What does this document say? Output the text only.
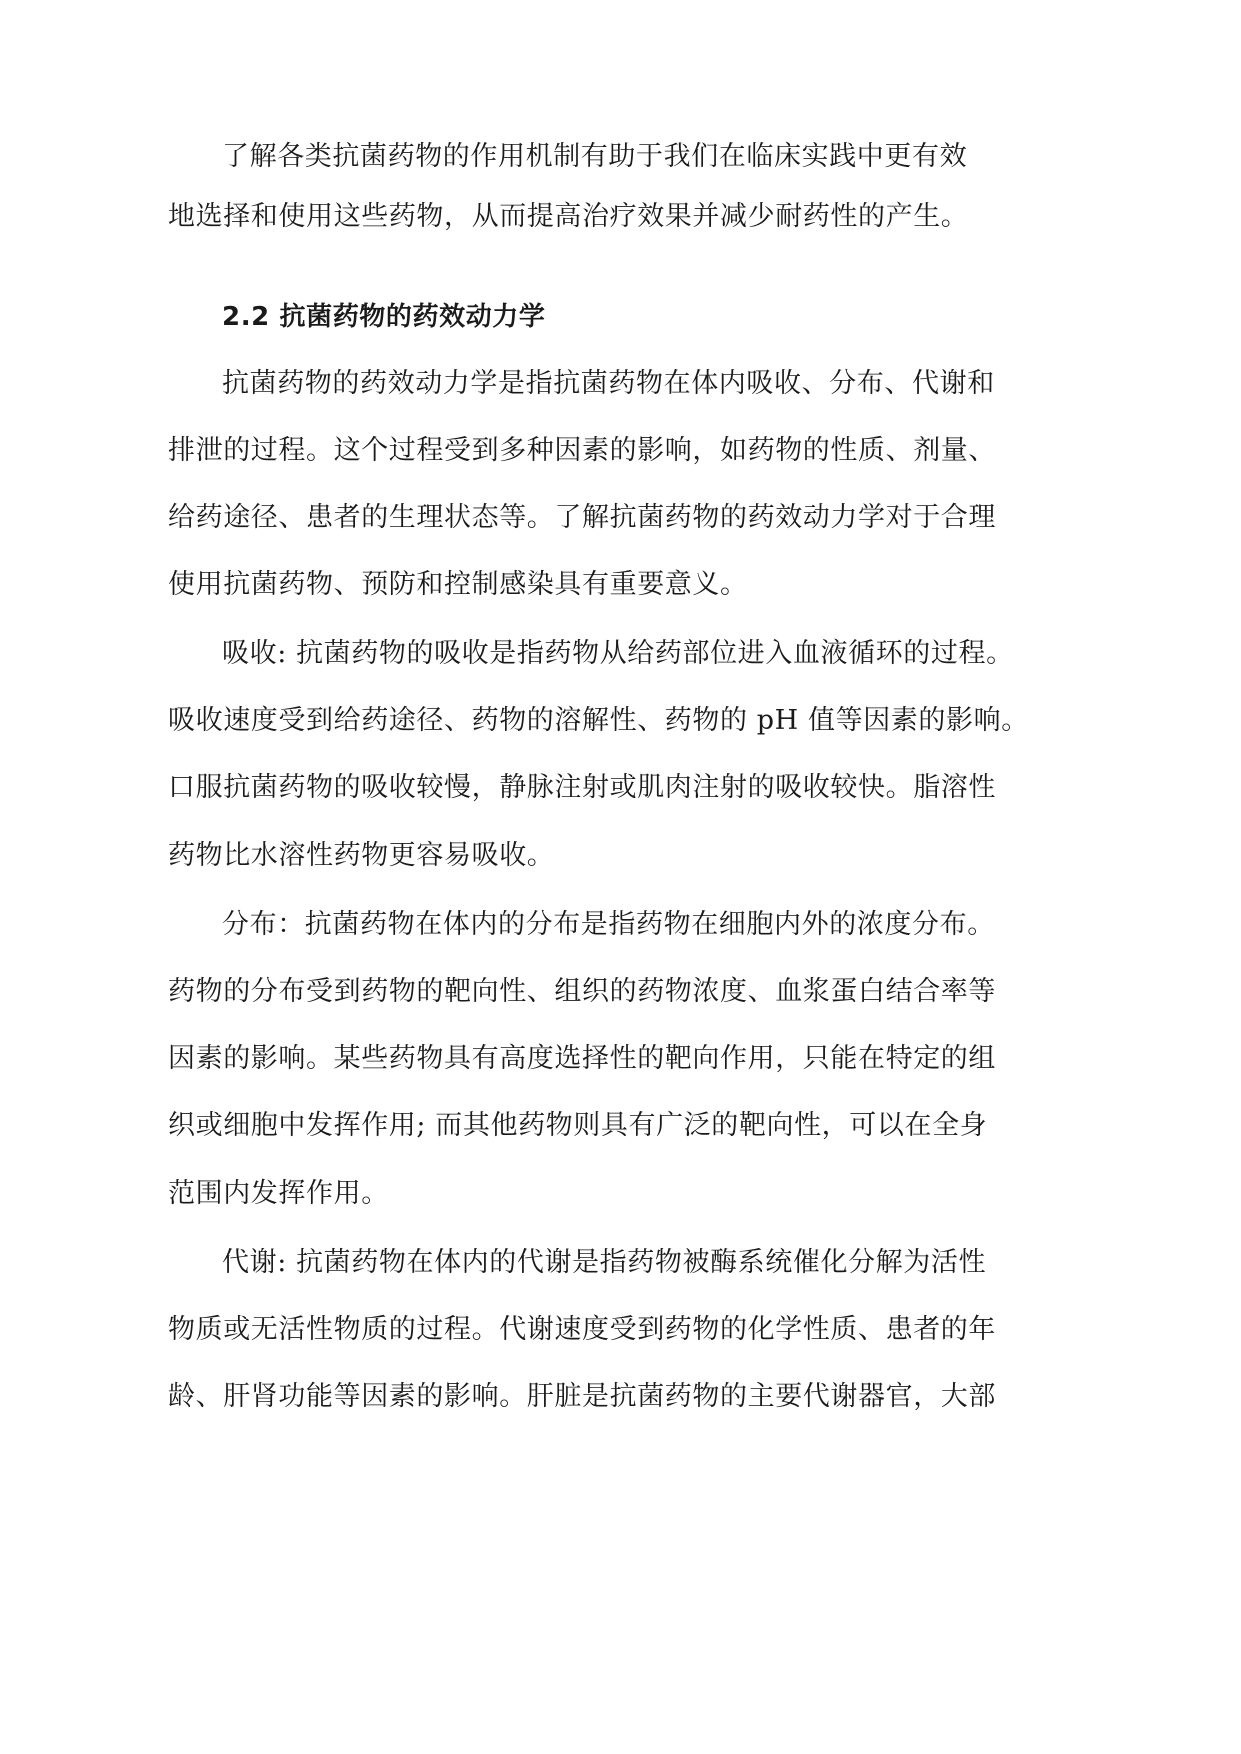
了解各类抗菌药物的作用机制有助于我们在临床实践中更有效
地选择和使用这些药物，从而提高治疗效果并减少耐药性的产生。
2.2 抗菌药物的药效动力学
抗菌药物的药效动力学是指抗菌药物在体内吸收、分布、代谢和
排泄的过程。这个过程受到多种因素的影响，如药物的性质、剂量、
给药途径、患者的生理状态等。了解抗菌药物的药效动力学对于合理
使用抗菌药物、预防和控制感染具有重要意义。
吸收: 抗菌药物的吸收是指药物从给药部位进入血液循环的过程。
吸收速度受到给药途径、药物的溶解性、药物的 pH 值等因素的影响。
口服抗菌药物的吸收较慢，静脉注射或肌肉注射的吸收较快。脂溶性
药物比水溶性药物更容易吸收。
分布：抗菌药物在体内的分布是指药物在细胞内外的浓度分布。
药物的分布受到药物的靶向性、组织的药物浓度、血浆蛋白结合率等
因素的影响。某些药物具有高度选择性的靶向作用，只能在特定的组
织或细胞中发挥作用; 而其他药物则具有广泛的靶向性，可以在全身
范围内发挥作用。
代谢: 抗菌药物在体内的代谢是指药物被酶系统催化分解为活性
物质或无活性物质的过程。代谢速度受到药物的化学性质、患者的年
龄、肝肾功能等因素的影响。肝脏是抗菌药物的主要代谢器官，大部
